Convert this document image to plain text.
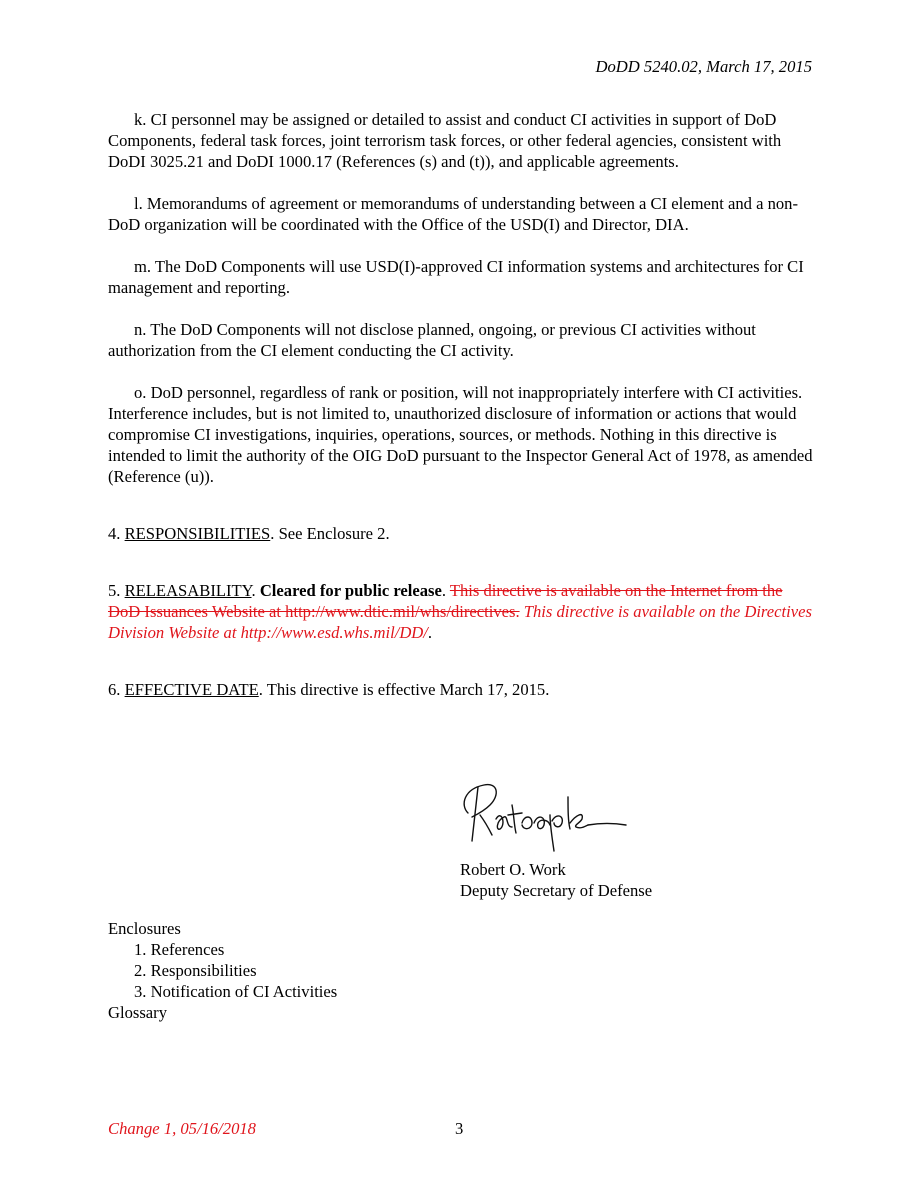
DoDD 5240.02, March 17, 2015

k. CI personnel may be assigned or detailed to assist and conduct CI activities in support of DoD Components, federal task forces, joint terrorism task forces, or other federal agencies, consistent with DoDI 3025.21 and DoDI 1000.17 (References (s) and (t)), and applicable agreements.

l. Memorandums of agreement or memorandums of understanding between a CI element and a non-DoD organization will be coordinated with the Office of the USD(I) and Director, DIA.

m. The DoD Components will use USD(I)-approved CI information systems and architectures for CI management and reporting.

n. The DoD Components will not disclose planned, ongoing, or previous CI activities without authorization from the CI element conducting the CI activity.

o. DoD personnel, regardless of rank or position, will not inappropriately interfere with CI activities. Interference includes, but is not limited to, unauthorized disclosure of information or actions that would compromise CI investigations, inquiries, operations, sources, or methods. Nothing in this directive is intended to limit the authority of the OIG DoD pursuant to the Inspector General Act of 1978, as amended (Reference (u)).

4. RESPONSIBILITIES. See Enclosure 2.

5. RELEASABILITY. Cleared for public release. This directive is available on the Internet from the DoD Issuances Website at http://www.dtic.mil/whs/directives. This directive is available on the Directives Division Website at http://www.esd.whs.mil/DD/.

6. EFFECTIVE DATE. This directive is effective March 17, 2015.

Robert O. Work
Deputy Secretary of Defense
Enclosures
1. References
2. Responsibilities
3. Notification of CI Activities
Glossary
Change 1, 05/16/2018	3
